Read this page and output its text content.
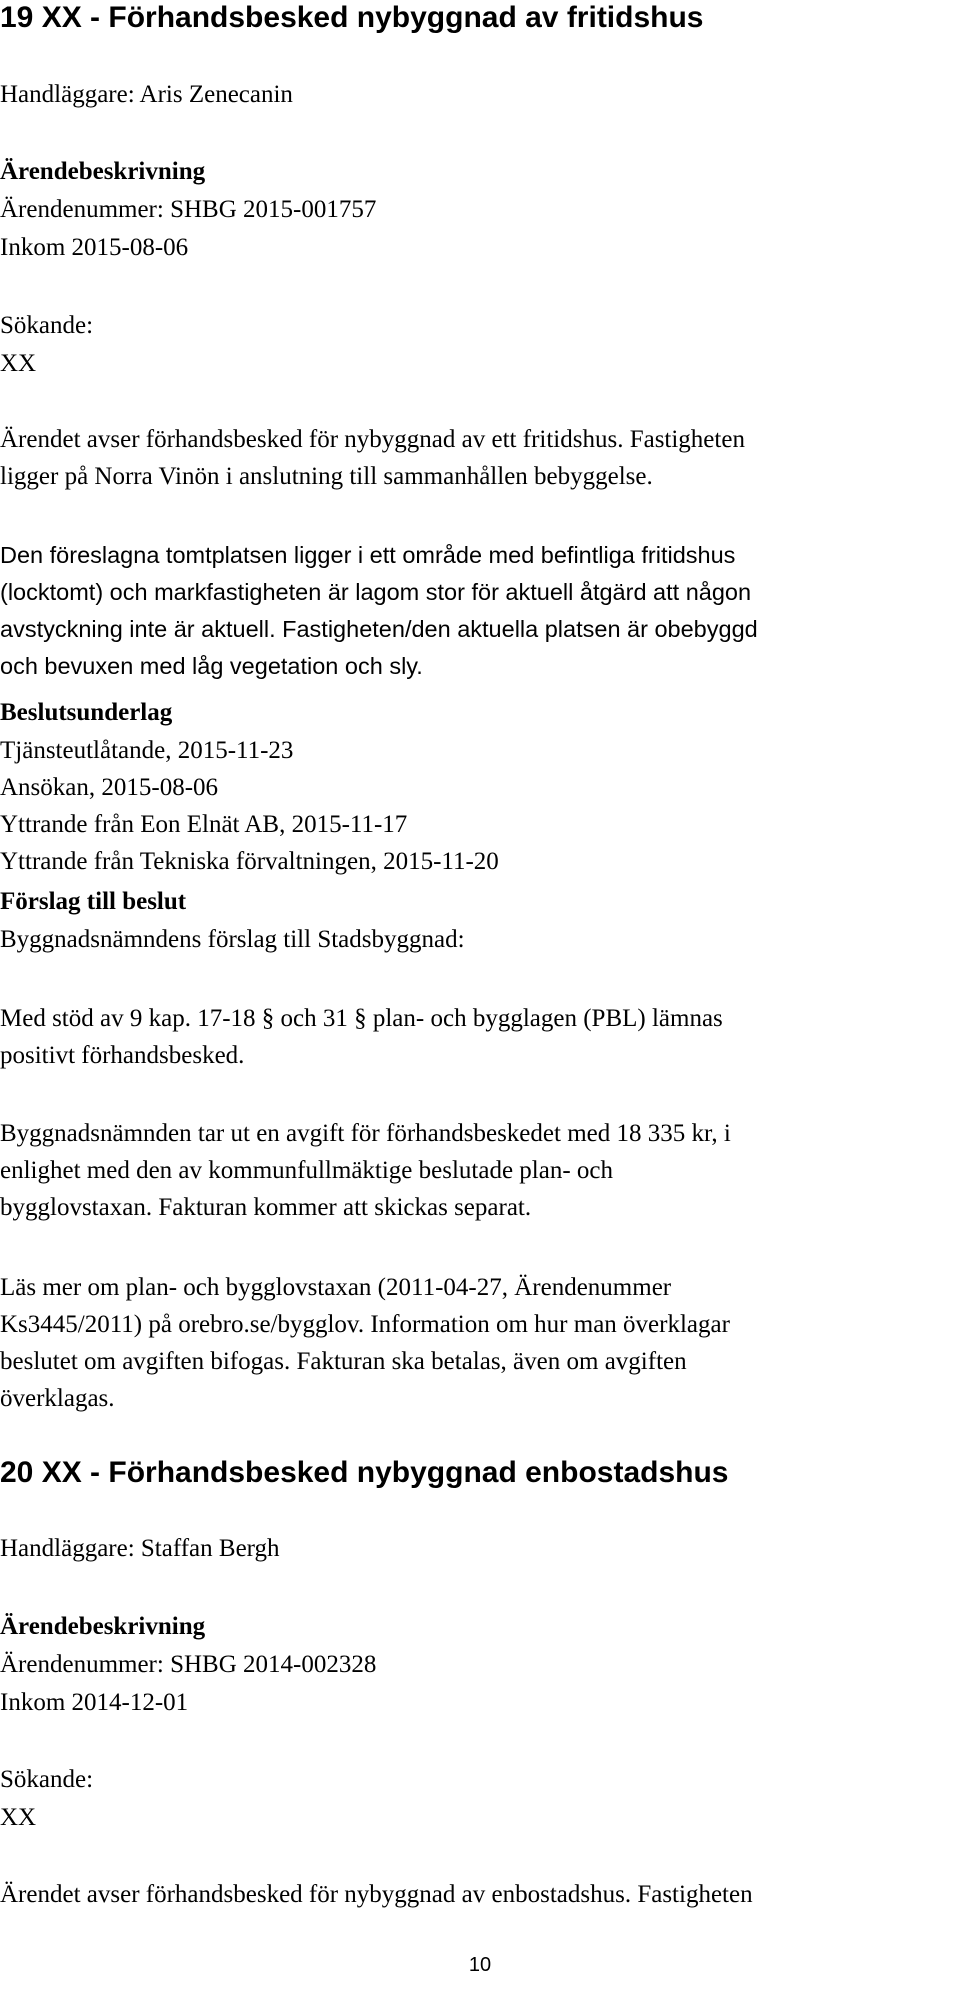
19 XX - Förhandsbesked nybyggnad av fritidshus

Handläggare: Aris Zenecanin

Ärendebeskrivning

Ärendenummer: SHBG 2015-001757

Inkom 2015-08-06

Sökande:

XX

Ärendet avser förhandsbesked för nybyggnad av ett fritidshus. Fastigheten
ligger på Norra Vinön i anslutning till sammanhållen bebyggelse.
Den föreslagna tomtplatsen ligger i ett område med befintliga fritidshus
(locktomt) och markfastigheten är lagom stor för aktuell åtgärd att någon
avstyckning inte är aktuell. Fastigheten/den aktuella platsen är obebyggd
och bevuxen med låg vegetation och sly.

Beslutsunderlag

Tjänsteutlåtande, 2015-11-23
Ansökan, 2015-08-06
Yttrande från Eon Elnät AB, 2015-11-17
Yttrande från Tekniska förvaltningen, 2015-11-20

Förslag till beslut

Byggnadsnämndens förslag till Stadsbyggnad:

Med stöd av 9 kap. 17-18 § och 31 § plan- och bygglagen (PBL) lämnas
positivt förhandsbesked.
Byggnadsnämnden tar ut en avgift för förhandsbeskedet med 18 335 kr, i
enlighet med den av kommunfullmäktige beslutade plan- och
bygglovstaxan. Fakturan kommer att skickas separat.
Läs mer om plan- och bygglovstaxan (2011-04-27, Ärendenummer
Ks3445/2011) på orebro.se/bygglov. Information om hur man överklagar
beslutet om avgiften bifogas. Fakturan ska betalas, även om avgiften
överklagas.
20 XX - Förhandsbesked nybyggnad enbostadshus

Handläggare: Staffan Bergh

Ärendebeskrivning

Ärendenummer: SHBG 2014-002328

Inkom 2014-12-01

Sökande:

XX

Ärendet avser förhandsbesked för nybyggnad av enbostadshus. Fastigheten

10
